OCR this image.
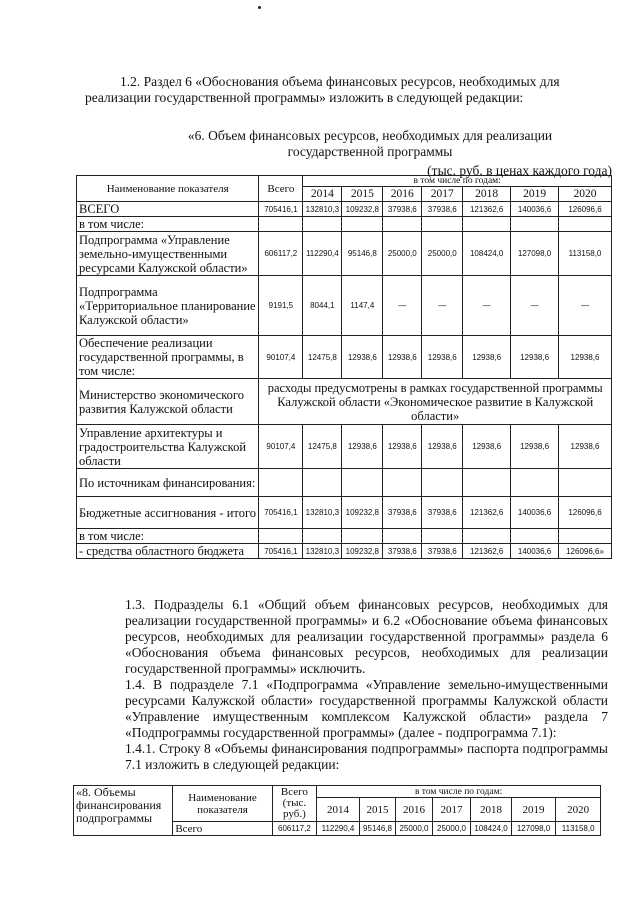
1.2. Раздел 6 «Обоснования объема финансовых ресурсов, необходимых для
реализации государственной программы» изложить в следующей редакции:
«6. Объем финансовых ресурсов, необходимых для реализации
государственной программы
(тыс. руб. в ценах каждого года)
Наименование показателя	Всего	в том числе по годам:						
		2014	2015	2016	2017	2018	2019	2020
ВСЕГО	705416,1	132810,3	109232,8	37938,6	37938,6	121362,6	140036,6	126096,6
в том числе:								
Подпрограмма «Управление земельно-имущественными ресурсами Калужской области»	606117,2	112290,4	95146,8	25000,0	25000,0	108424,0	127098,0	113158,0
Подпрограмма «Территориальное планирование Калужской области»	9191,5	8044,1	1147,4	—	—	—	—	—
Обеспечение реализации государственной программы, в том числе:	90107,4	12475,8	12938,6	12938,6	12938,6	12938,6	12938,6	12938,6
Министерство экономического развития Калужской области	расходы предусмотрены в рамках государственной программы Калужской области «Экономическое развитие в Калужской области»							
Управление архитектуры и градостроительства Калужской области	90107,4	12475,8	12938,6	12938,6	12938,6	12938,6	12938,6	12938,6
По источникам финансирования:								
Бюджетные ассигнования - итого	705416,1	132810,3	109232,8	37938,6	37938,6	121362,6	140036,6	126096,6
в том числе:								
- средства областного бюджета	705416,1	132810,3	109232,8	37938,6	37938,6	121362,6	140036,6	126096,6»
1.3. Подразделы 6.1 «Общий объем финансовых ресурсов, необходимых для реализации государственной программы» и 6.2 «Обоснование объема финансовых ресурсов, необходимых для реализации государственной программы» раздела 6 «Обоснования объема финансовых ресурсов, необходимых для реализации государственной программы» исключить.
1.4. В подразделе 7.1 «Подпрограмма «Управление земельно-имущественными ресурсами Калужской области» государственной программы Калужской области «Управление имущественным комплексом Калужской области» раздела 7 «Подпрограммы государственной программы» (далее - подпрограмма 7.1):
1.4.1. Строку 8 «Объемы финансирования подпрограммы» паспорта подпрограммы 7.1 изложить в следующей редакции:
«8. Объемы финансирования подпрограммы	Наименование показателя	Всего (тыс. руб.)	в том числе по годам:						
			2014	2015	2016	2017	2018	2019	2020
	Всего	606117,2	112290,4	95146,8	25000,0	25000,0	108424,0	127098,0	113158,0
